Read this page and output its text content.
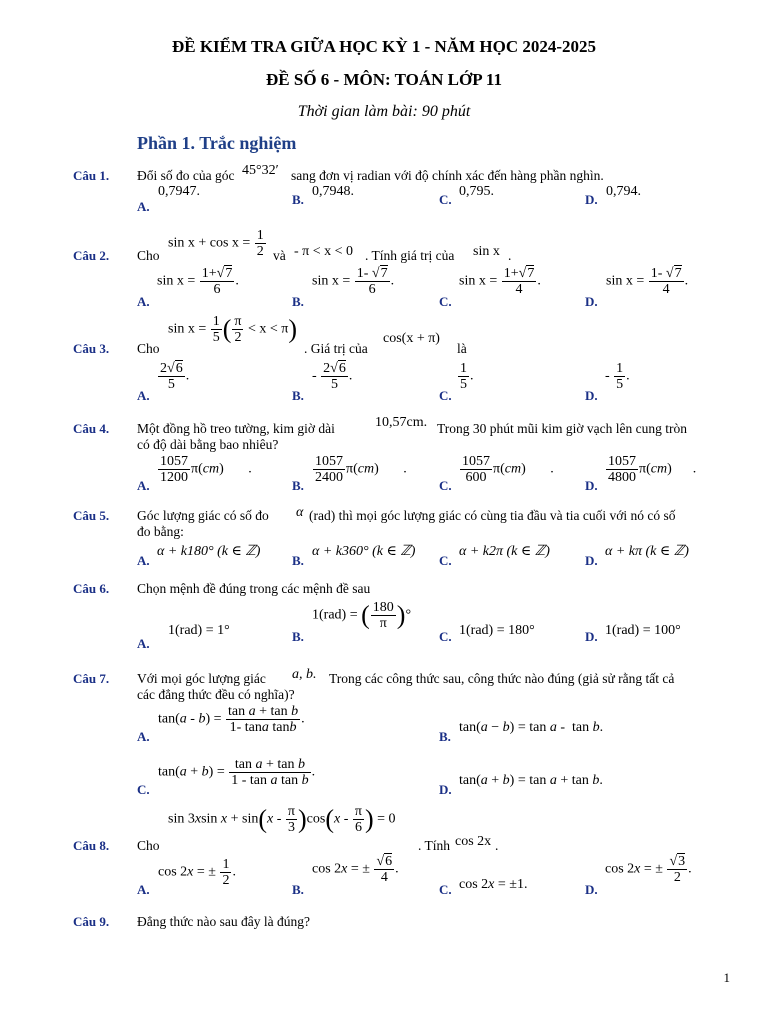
ĐỀ KIỂM TRA GIỮA HỌC KỲ 1 - NĂM HỌC 2024-2025
ĐỀ SỐ 6 - MÔN: TOÁN LỚP 11
Thời gian làm bài: 90 phút
Phần 1. Trắc nghiệm
Câu 1. Đổi số đo của góc 45°32′ sang đơn vị radian với độ chính xác đến hàng phần nghìn.
A.
0,7947.
B.
0,7948.
C.
0,795.
D.
0,794.
Câu 2. Cho
$\sin x + \cos x = \frac{1}{2}$ và - π < x < 0 . Tính giá trị của sin x .
A.
$\sin x = \frac{1+√7}{6}$ .
B.
$\sin x = \frac{1- √7}{6}$ .
C.
$\sin x = \frac{1+√7}{4}$ .
D.
$\sin x = \frac{1- √7}{4}$ .
Câu 3. Cho
$\sin x = \frac{1}{5}$ ( $\frac{\pi}{2} < x < \pi$)
. Giá trị của
cos(x + π)
là
A.
$\frac{2√6}{5}$ .
B.
- $\frac{2√6}{5}$ .
C.
$\frac{1}{5}$ .
D.
- $\frac{1}{5}$ .
Câu 4. Một đồng hồ treo tường, kim giờ dài	10,57cm. Trong 30 phút mũi kim giờ vạch lên cung tròn
có độ dài bằng bao nhiêu?
A.
$\frac{1057}{1200} \pi(cm)$       .
B.
$\frac{1057}{2400} \pi(cm)$       .
C.
$\frac{1057}{600} \pi(cm)$       .
D.
$\frac{1057}{4800} \pi(cm)$      .
Câu 5. Góc lượng giác có số đo α (rad) thì mọi góc lượng giác có cùng tia đầu và tia cuối với nó có số
đo bằng:
A.
α + k180° (k ∈ ℤ)
B.
α + k360° (k ∈ ℤ)
C.
α + k2π (k ∈ ℤ)
D.
α + kπ (k ∈ ℤ)
Câu 6. Chọn mệnh đề đúng trong các mệnh đề sau
A.
1(rad) = 1°	B.
1(rad) = ( $\frac{180}{\pi}$ )°
C. 1(rad) = 180°	D. 1(rad) = 100°
Câu 7. Với mọi góc lượng giác a, b. Trong các công thức sau, công thức nào đúng (giả sử rằng tất cả
các đẳng thức đều có nghĩa)?
A.
$\tan(a - b) = \frac{\text{tan a + tan b}}{\text{1- tana tanb}}$ .
B.
tan(a − b) = tan a -  tan b.
C.
$\tan(a + b) = \frac{\text{tan a + tan b}}{\text{1 - tan a tan b}}$ .
D.
tan(a + b) = tan a + tan b.
Câu 8. Cho
sin 3xsin $x + \sin(x - \frac{\pi}{3} )\cos(x - \frac{\pi}{6}$ ) = 0
. Tính cos 2x .
A.
cos 2x = ± $\frac{1}{2}$ .
B.
cos 2x = ± $\frac{√6}{4}$ .
C. cos 2x = ±1.	D.
cos 2x = ± $\frac{√3}{2}$ .
Câu 9. Đẳng thức nào sau đây là đúng?
1
